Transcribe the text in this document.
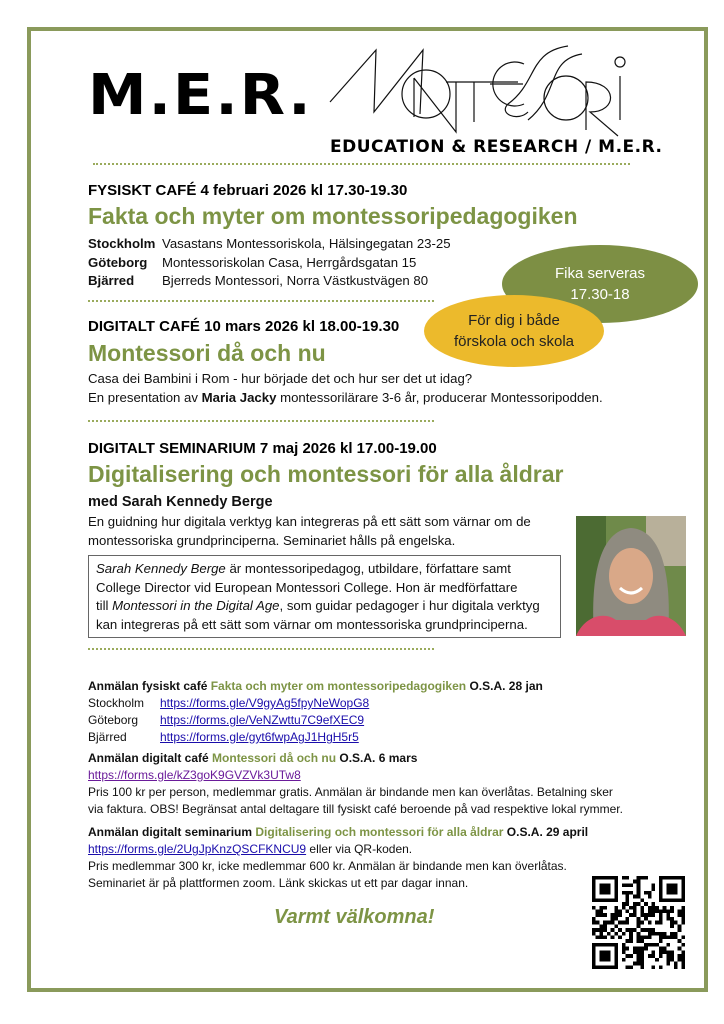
M.E.R.
EDUCATION & RESEARCH / M.E.R.
FYSISKT CAFÉ 4 februari 2026 kl 17.30-19.30
Fakta och myter om montessoripedagogiken
Stockholm Vasastans Montessoriskola, Hälsingegatan 23-25
Göteborg	Montessoriskolan Casa, Herrgårdsgatan 15
Bjärred	Bjerreds Montessori, Norra Västkustvägen 80	Fika serveras
17.30-18
För dig i både
förskola och skola
DIGITALT CAFÉ 10 mars 2026 kl 18.00-19.30
Montessori då och nu
Casa dei Bambini i Rom - hur började det och hur ser det ut idag?
En presentation av Maria Jacky montessorilärare 3-6 år, producerar Montessoripodden.
DIGITALT SEMINARIUM 7 maj 2026 kl 17.00-19.00
Digitalisering och montessori för alla åldrar
med Sarah Kennedy Berge
En guidning hur digitala verktyg kan integreras på ett sätt som värnar om de
montessoriska grundprinciperna. Seminariet hålls på engelska.
Sarah Kennedy Berge är montessoripedagog, utbildare, författare samt
College Director vid European Montessori College. Hon är medförfattare
till Montessori in the Digital Age, som guidar pedagoger i hur digitala verktyg
kan integreras på ett sätt som värnar om montessoriska grundprinciperna.
Anmälan fysiskt café Fakta och myter om montessoripedagogiken O.S.A. 28 jan
Stockholm	https://forms.gle/V9gyAg5fpyNeWopG8
Göteborg	https://forms.gle/VeNZwttu7C9efXEC9
Bjärred	https://forms.gle/gyt6fwpAgJ1HgH5r5
Anmälan digitalt café Montessori då och nu O.S.A. 6 mars
https://forms.gle/kZ3goK9GVZVk3UTw8
Pris 100 kr per person, medlemmar gratis. Anmälan är bindande men kan överlåtas. Betalning sker
via faktura. OBS! Begränsat antal deltagare till fysiskt café beroende på vad respektive lokal rymmer.
Anmälan digitalt seminarium Digitalisering och montessori för alla åldrar O.S.A. 29 april
https://forms.gle/2UgJpKnzQSCFKNCU9 eller via QR-koden.
Pris medlemmar 300 kr, icke medlemmar 600 kr. Anmälan är bindande men kan överlåtas.
Seminariet är på plattformen zoom. Länk skickas ut ett par dagar innan.
Varmt välkomna!
